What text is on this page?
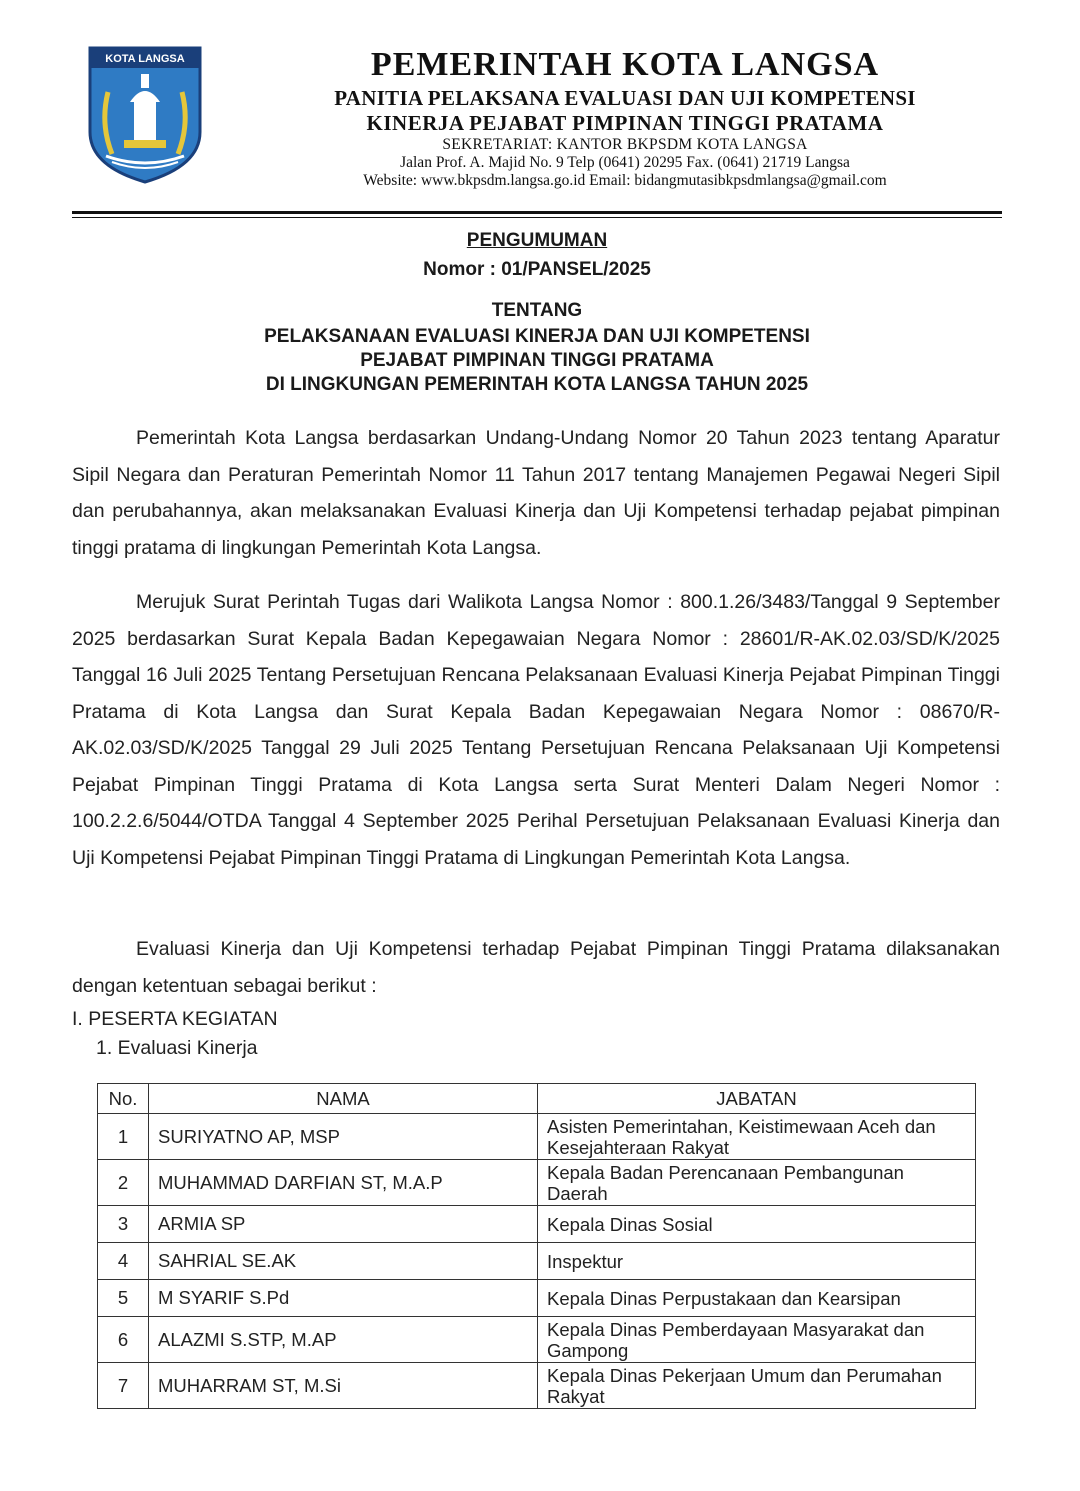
KOTA LANGSA	PEMERINTAH KOTA LANGSA

PANITIA PELAKSANA EVALUASI DAN UJI KOMPETENSI

KINERJA PEJABAT PIMPINAN TINGGI PRATAMA

SEKRETARIAT: KANTOR BKPSDM KOTA LANGSA

Jalan Prof. A. Majid No. 9 Telp (0641) 20295 Fax. (0641) 21719 Langsa

Website: www.bkpsdm.langsa.go.id Email: bidangmutasibkpsdmlangsa@gmail.com

PENGUMUMAN
Nomor : 01/PANSEL/2025
TENTANG
PELAKSANAAN EVALUASI KINERJA DAN UJI KOMPETENSI
PEJABAT PIMPINAN TINGGI PRATAMA
DI LINGKUNGAN PEMERINTAH KOTA LANGSA TAHUN 2025

Pemerintah Kota Langsa berdasarkan Undang-Undang Nomor 20 Tahun 2023 tentang Aparatur Sipil Negara dan Peraturan Pemerintah Nomor 11 Tahun 2017 tentang Manajemen Pegawai Negeri Sipil dan perubahannya, akan melaksanakan Evaluasi Kinerja dan Uji Kompetensi terhadap pejabat pimpinan tinggi pratama di lingkungan Pemerintah Kota Langsa.

Merujuk Surat Perintah Tugas dari Walikota Langsa Nomor : 800.1.26/3483/Tanggal 9 September 2025 berdasarkan Surat Kepala Badan Kepegawaian Negara Nomor : 28601/R-AK.02.03/SD/K/2025 Tanggal 16 Juli 2025 Tentang Persetujuan Rencana Pelaksanaan Evaluasi Kinerja Pejabat Pimpinan Tinggi Pratama di Kota Langsa dan Surat Kepala Badan Kepegawaian Negara Nomor : 08670/R-AK.02.03/SD/K/2025 Tanggal 29 Juli 2025 Tentang Persetujuan Rencana Pelaksanaan Uji Kompetensi Pejabat Pimpinan Tinggi Pratama di Kota Langsa serta Surat Menteri Dalam Negeri Nomor : 100.2.2.6/5044/OTDA Tanggal 4 September 2025 Perihal Persetujuan Pelaksanaan Evaluasi Kinerja dan Uji Kompetensi Pejabat Pimpinan Tinggi Pratama di Lingkungan Pemerintah Kota Langsa.

Evaluasi Kinerja dan Uji Kompetensi terhadap Pejabat Pimpinan Tinggi Pratama dilaksanakan dengan ketentuan sebagai berikut :

I. PESERTA KEGIATAN

1. Evaluasi Kinerja

No.	NAMA	JABATAN
1	SURIYATNO AP, MSP	Asisten Pemerintahan, Keistimewaan Aceh dan Kesejahteraan Rakyat
2	MUHAMMAD DARFIAN ST, M.A.P	Kepala Badan Perencanaan Pembangunan Daerah
3	ARMIA SP	Kepala Dinas Sosial
4	SAHRIAL SE.AK	Inspektur
5	M SYARIF S.Pd	Kepala Dinas Perpustakaan dan Kearsipan
6	ALAZMI S.STP, M.AP	Kepala Dinas Pemberdayaan Masyarakat dan Gampong
7	MUHARRAM ST, M.Si	Kepala Dinas Pekerjaan Umum dan Perumahan Rakyat
